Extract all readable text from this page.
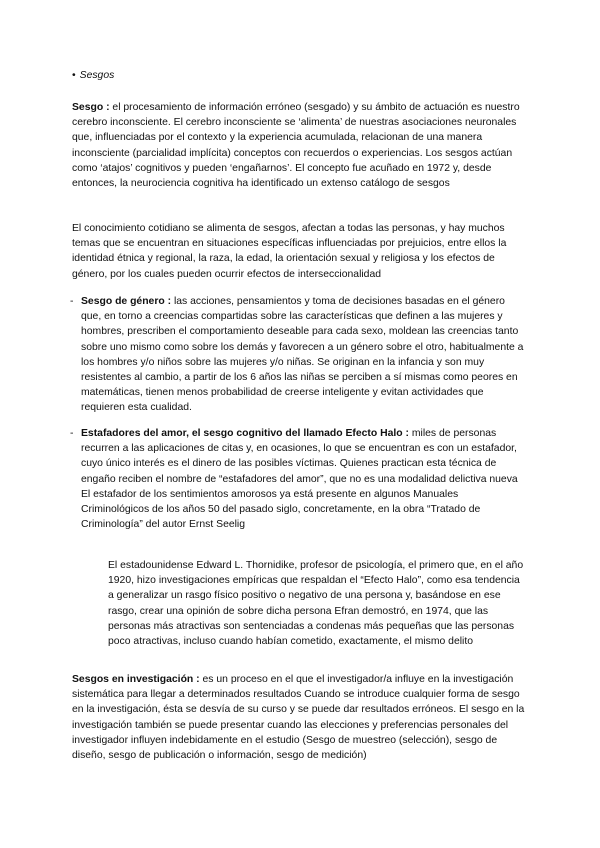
• Sesgos

Sesgo : el procesamiento de información erróneo (sesgado) y su ámbito de actuación es nuestro cerebro inconsciente. El cerebro inconsciente se ‘alimenta’ de nuestras asociaciones neuronales que, influenciadas por el contexto y la experiencia acumulada, relacionan de una manera inconsciente (parcialidad implícita) conceptos con recuerdos o experiencias. Los sesgos actúan como ‘atajos’ cognitivos y pueden ‘engañarnos’. El concepto fue acuñado en 1972 y, desde entonces, la neurociencia cognitiva ha identificado un extenso catálogo de sesgos

El conocimiento cotidiano se alimenta de sesgos, afectan a todas las personas, y hay muchos temas que se encuentran en situaciones específicas influenciadas por prejuicios, entre ellos la identidad étnica y regional, la raza, la edad, la orientación sexual y religiosa y los efectos de género, por los cuales pueden ocurrir efectos de interseccionalidad

- Sesgo de género : las acciones, pensamientos y toma de decisiones basadas en el género que, en torno a creencias compartidas sobre las características que definen a las mujeres y hombres, prescriben el comportamiento deseable para cada sexo, moldean las creencias tanto sobre uno mismo como sobre los demás y favorecen a un género sobre el otro, habitualmente a los hombres y/o niños sobre las mujeres y/o niñas. Se originan en la infancia y son muy resistentes al cambio, a partir de los 6 años las niñas se perciben a sí mismas como peores en matemáticas, tienen menos probabilidad de creerse inteligente y evitan actividades que requieren esta cualidad.
- Estafadores del amor, el sesgo cognitivo del llamado Efecto Halo : miles de personas recurren a las aplicaciones de citas y, en ocasiones, lo que se encuentran es con un estafador, cuyo único interés es el dinero de las posibles víctimas. Quienes practican esta técnica de engaño reciben el nombre de “estafadores del amor”, que no es una modalidad delictiva nueva El estafador de los sentimientos amorosos ya está presente en algunos Manuales Criminológicos de los años 50 del pasado siglo, concretamente, en la obra “Tratado de Criminología” del autor Ernst Seelig

El estadounidense Edward L. Thornidike, profesor de psicología, el primero que, en el año 1920, hizo investigaciones empíricas que respaldan el “Efecto Halo”, como esa tendencia a generalizar un rasgo físico positivo o negativo de una persona y, basándose en ese rasgo, crear una opinión de sobre dicha persona Efran demostró, en 1974, que las personas más atractivas son sentenciadas a condenas más pequeñas que las personas poco atractivas, incluso cuando habían cometido, exactamente, el mismo delito

Sesgos en investigación : es un proceso en el que el investigador/a influye en la investigación sistemática para llegar a determinados resultados Cuando se introduce cualquier forma de sesgo en la investigación, ésta se desvía de su curso y se puede dar resultados erróneos. El sesgo en la investigación también se puede presentar cuando las elecciones y preferencias personales del investigador influyen indebidamente en el estudio (Sesgo de muestreo (selección), sesgo de diseño, sesgo de publicación o información, sesgo de medición)
